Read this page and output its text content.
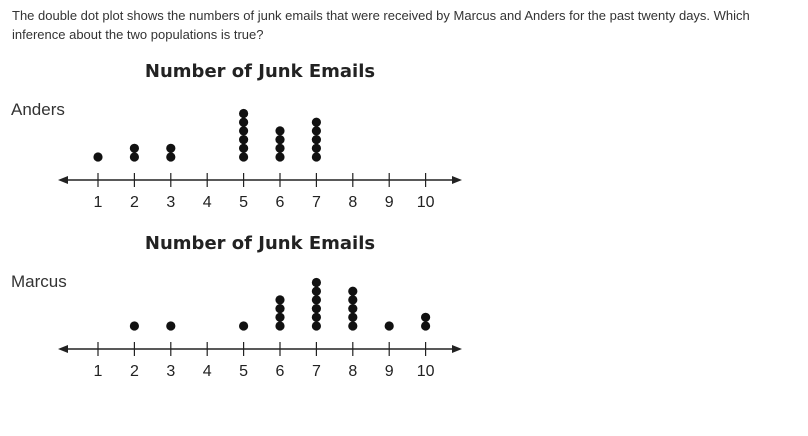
The double dot plot shows the numbers of junk emails that were received by Marcus and Anders for the past twenty days. Which inference about the two populations is true?

Number of Junk Emails
Anders
1 2 3 4 5 6 7 8 9 10
Number of Junk Emails
Marcus
1 2 3 4 5 6 7 8 9 10
